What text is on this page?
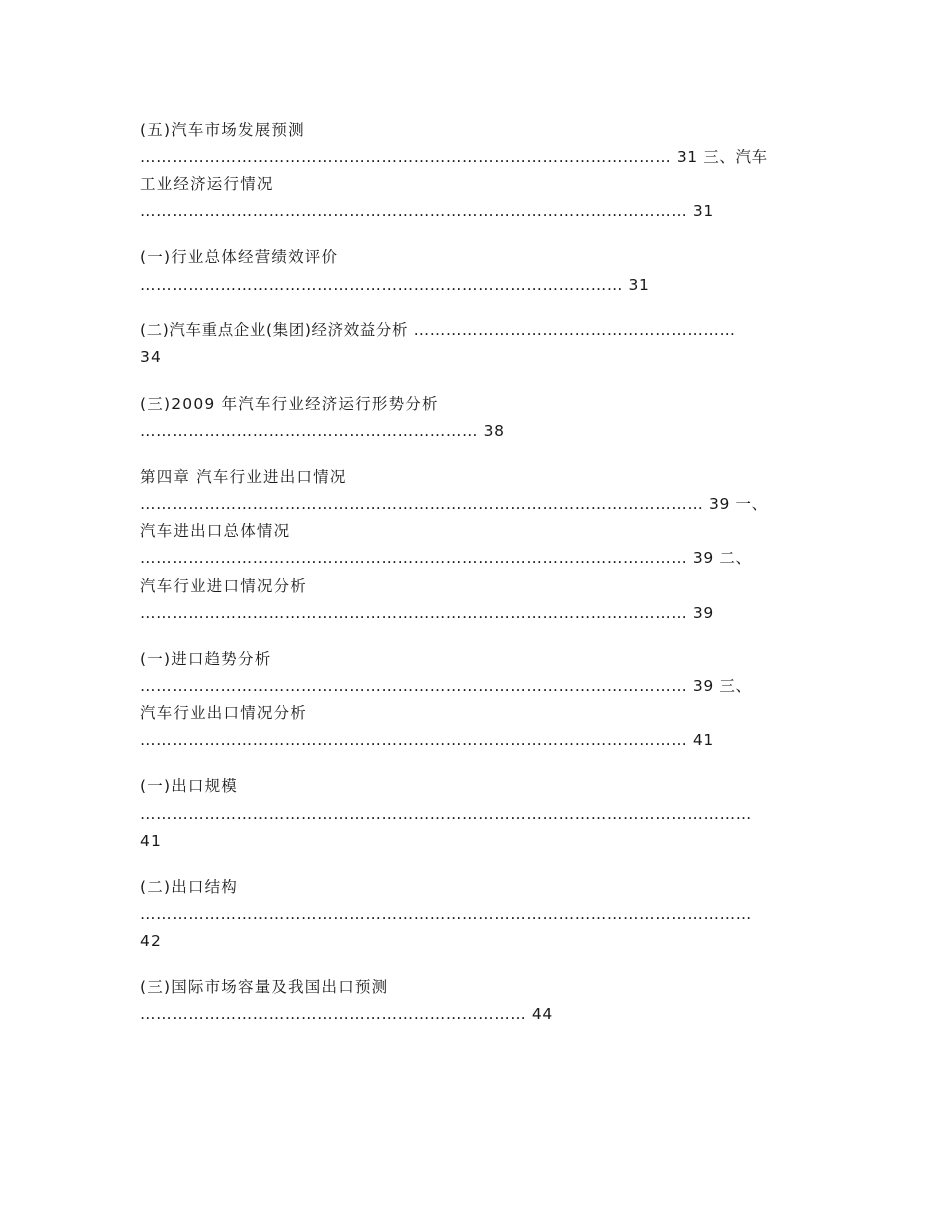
(五)汽车市场发展预测
……………………………………………………………………………………… 31 三、汽车
工业经济运行情况
………………………………………………………………………………………… 31
(一)行业总体经营绩效评价
……………………………………………………………………………… 31
(二)汽车重点企业(集团)经济效益分析 ……………………………………………………
34
(三)2009 年汽车行业经济运行形势分析
……………………………………………………… 38
第四章 汽车行业进出口情况
…………………………………………………………………………………………… 39 一、
汽车进出口总体情况
………………………………………………………………………………………… 39 二、
汽车行业进口情况分析
………………………………………………………………………………………… 39
(一)进口趋势分析
………………………………………………………………………………………… 39 三、
汽车行业出口情况分析
………………………………………………………………………………………… 41
(一)出口规模
……………………………………………………………………………………………………
41
(二)出口结构
……………………………………………………………………………………………………
42
(三)国际市场容量及我国出口预测
……………………………………………………………… 44
